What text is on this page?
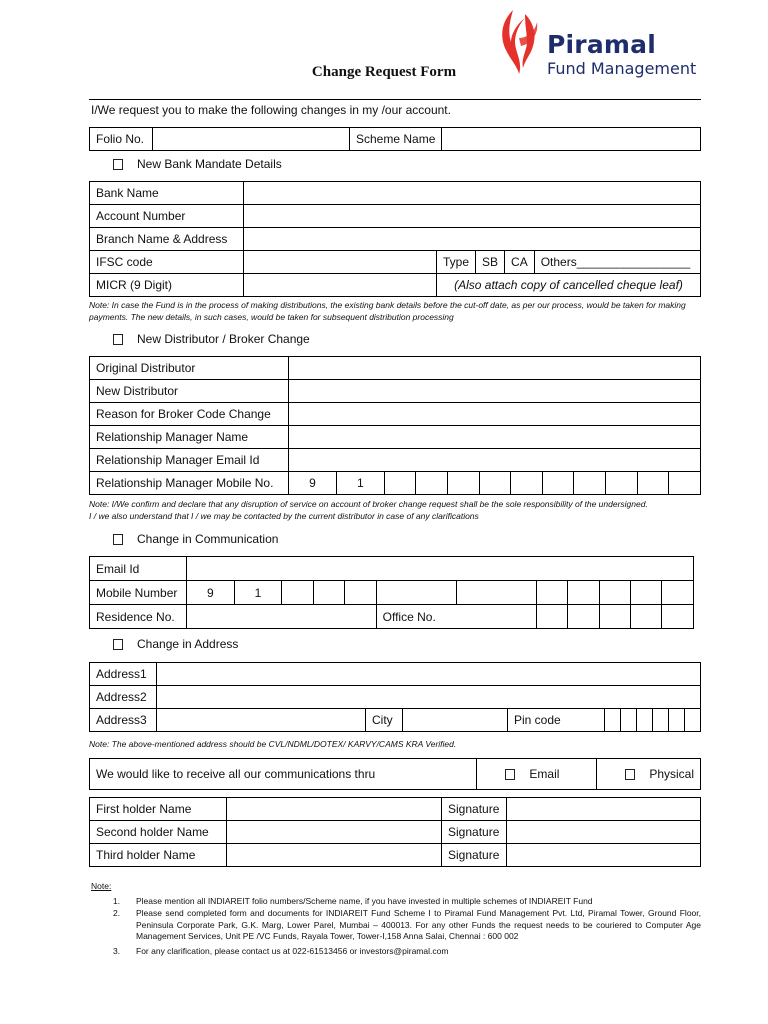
Piramal
Fund Management
Change Request Form
I/We request you to make the following changes in my /our account.
Folio No.		Scheme Name	
New Bank Mandate Details
Bank Name					
Account Number					
Branch Name & Address					
IFSC code		Type	SB	CA	Others_________________
MICR (9 Digit)		(Also attach copy of cancelled cheque leaf)			
Note: In case the Fund is in the process of making distributions, the existing bank details before the cut-off date, as per our process, would be taken for making payments. The new details, in such cases, would be taken for subsequent distribution processing
New Distributor / Broker Change
Original Distributor												
New Distributor												
Reason for Broker Code Change												
Relationship Manager Name												
Relationship Manager Email Id												
Relationship Manager Mobile No.	9	1										
Note: I/We confirm and declare that any disruption of service on account of broker change request shall be the sole responsibility of the undersigned.
I / we also understand that I / we may be contacted by the current distributor in case of any clarifications
Change in Communication
Email Id												
Mobile Number	9	1										
Residence No.						Office No.						
Change in Address
Address1										
Address2										
Address3		City		Pin code						
Note: The above-mentioned address should be CVL/NDML/DOTEX/ KARVY/CAMS KRA Verified.
We would like to receive all our communications thru	Email	Physical
First holder Name		Signature	
Second holder Name		Signature	
Third holder Name		Signature	
Note:
1. Please mention all INDIAREIT folio numbers/Scheme name, if you have invested in multiple schemes of INDIAREIT Fund
2. Please send completed form and documents for INDIAREIT Fund Scheme I to Piramal Fund Management Pvt. Ltd, Piramal Tower, Ground Floor, Peninsula Corporate Park, G.K. Marg, Lower Parel, Mumbai – 400013. For any other Funds the request needs to be couriered to Computer Age Management Services, Unit PE /VC Funds, Rayala Tower, Tower-I,158 Anna Salai, Chennai : 600 002
3. For any clarification, please contact us at 022-61513456 or investors@piramal.com
